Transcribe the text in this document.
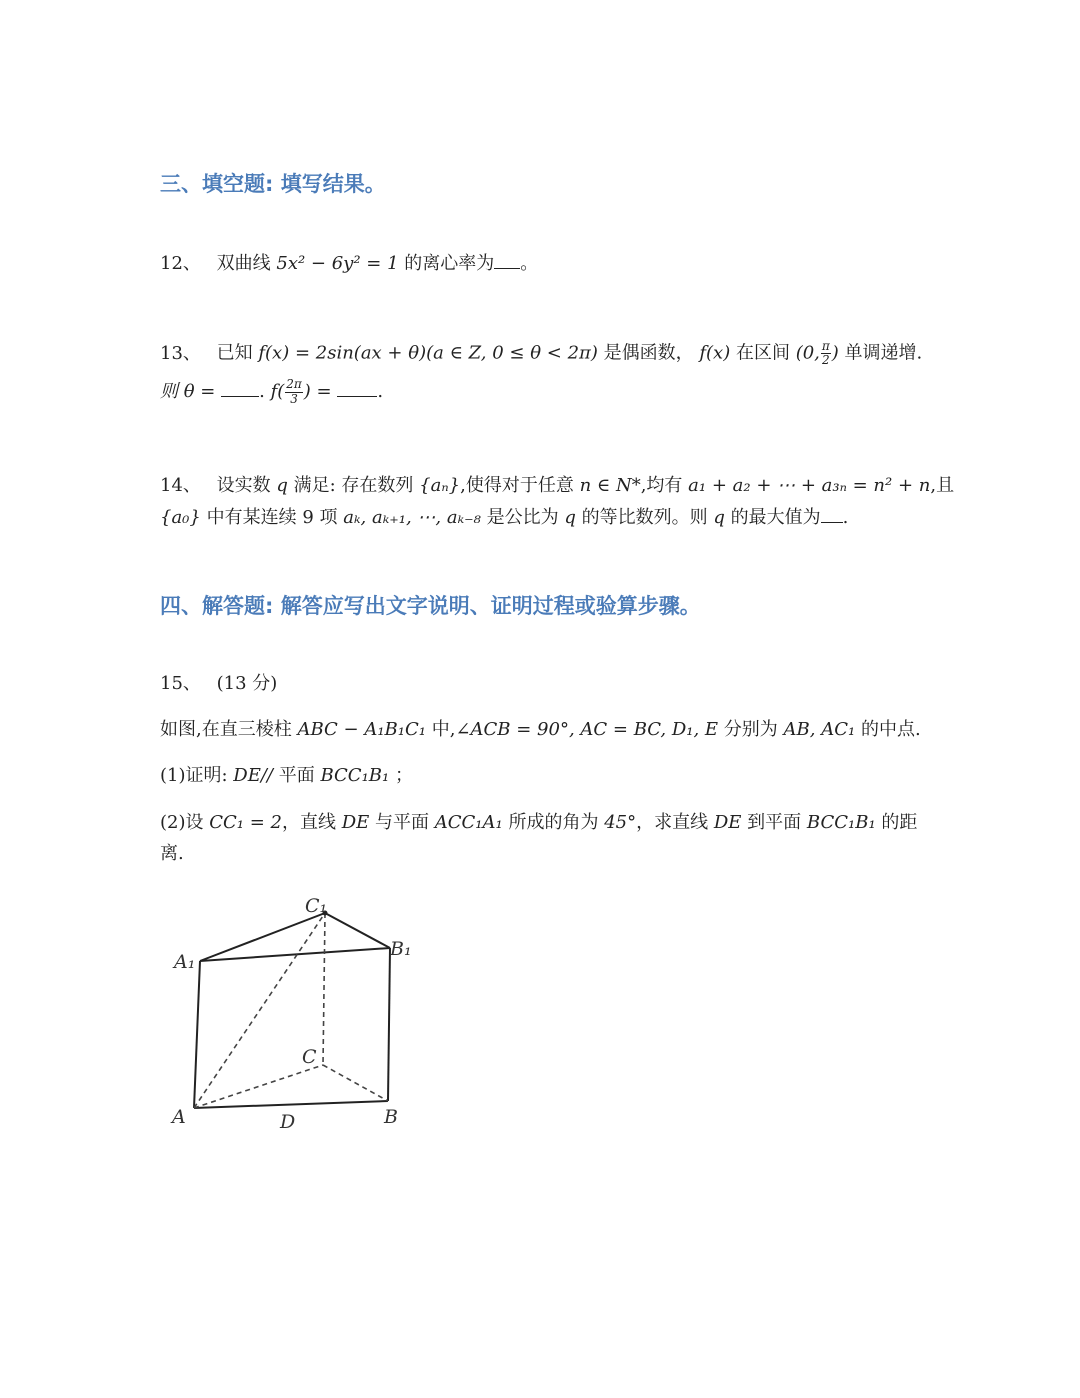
三、填空题: 填写结果。
12、 双曲线 5x² − 6y² = 1 的离心率为 。
13、 已知 f(x) = 2sin(ax + θ)(a ∈ Z, 0 ≤ θ < 2π) 是偶函数， f(x) 在区间 (0, $\frac{\pi}{2}$ ) 单调递增.
则 θ = . $f( \frac{2\pi}{3}$ ) =	.
14、 设实数 q 满足: 存在数列 {aₙ},使得对于任意 n ∈ N*,均有 a₁ + a₂ + ⋯ + a₃ₙ = n² + n,且
{a₀} 中有某连续 9 项 aₖ, aₖ₊₁, ⋯, aₖ₋₈ 是公比为 q 的等比数列。则 q 的最大值为 .
四、解答题: 解答应写出文字说明、证明过程或验算步骤。
15、 (13 分)
如图,在直三棱柱 ABC − A₁B₁C₁ 中,∠ACB = 90°, AC = BC, D₁, E 分别为 AB, AC₁ 的中点.
(1)证明: DE// 平面 BCC₁B₁ ；
(2)设 CC₁ = 2，直线 DE 与平面 ACC₁A₁ 所成的角为 45°，求直线 DE 到平面 BCC₁B₁ 的距
离.
C₁
A₁
B₁
C
A	D	B
